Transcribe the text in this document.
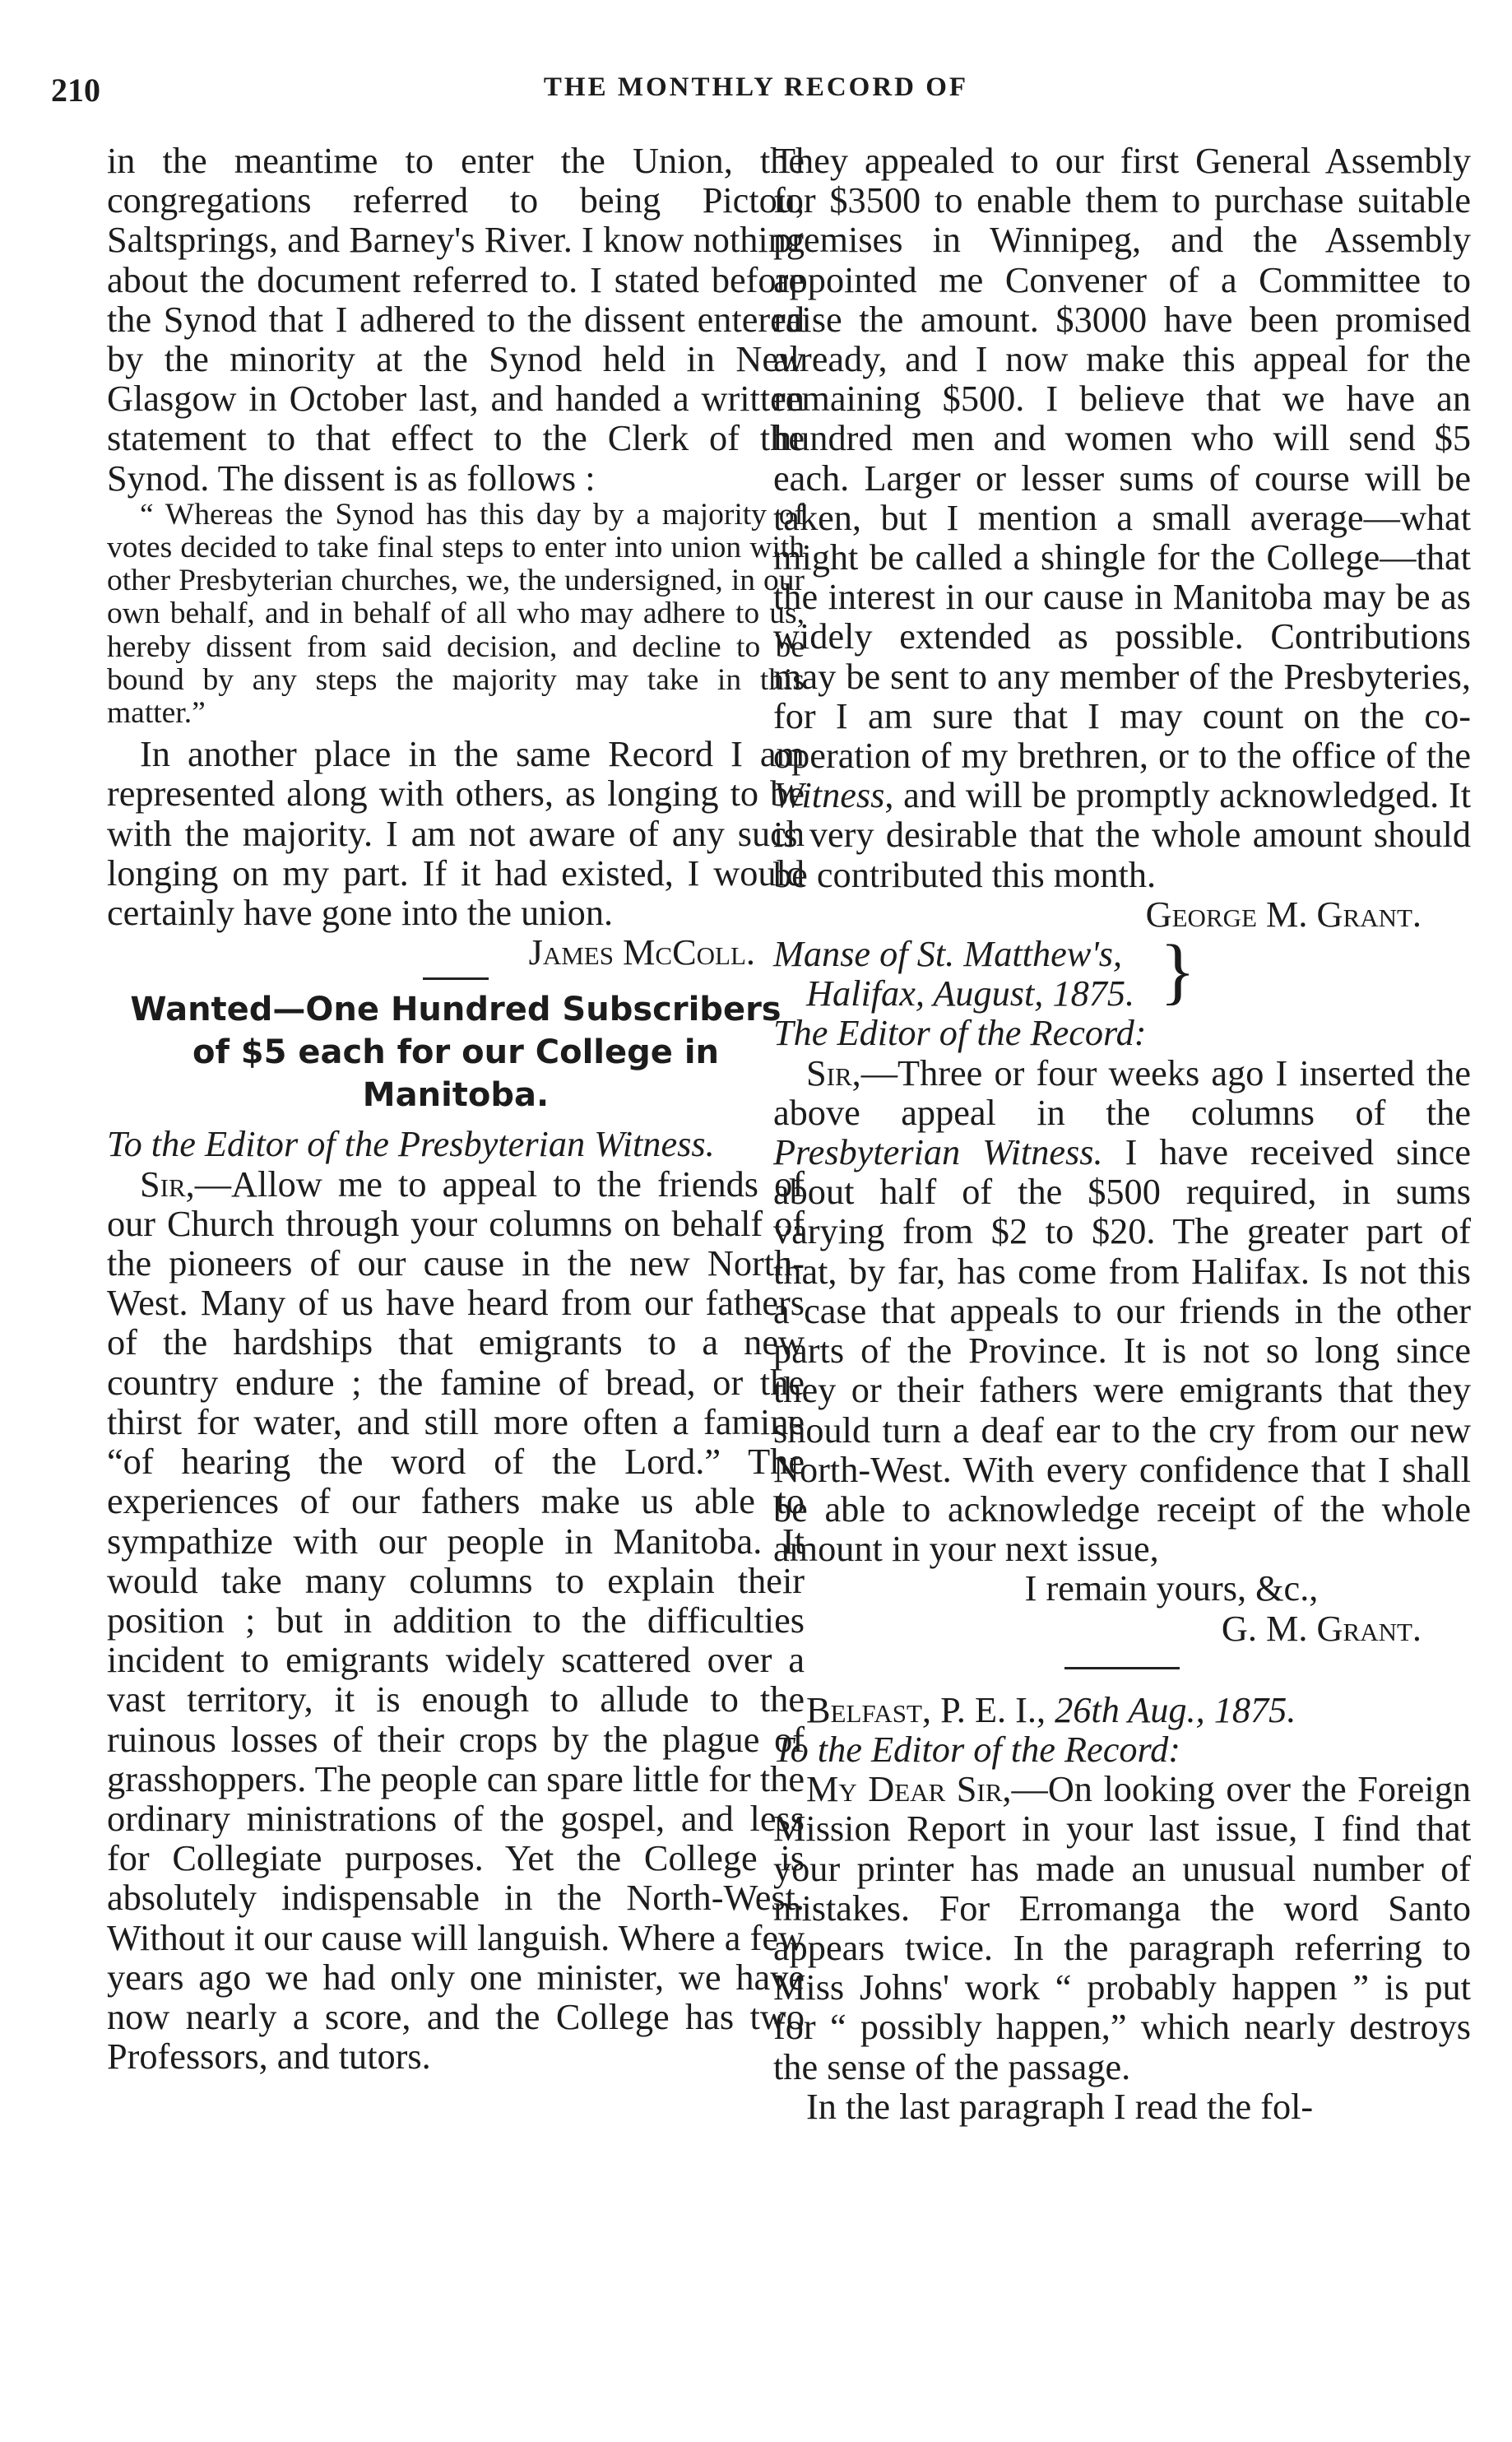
210	THE MONTHLY RECORD OF

in the meantime to enter the Union, the congregations referred to being Pictou, Saltsprings, and Barney's River. I know nothing about the document referred to. I stated before the Synod that I adhered to the dissent entered by the minority at the Synod held in New Glasgow in October last, and handed a written statement to that effect to the Clerk of the Synod. The dissent is as follows :

“ Whereas the Synod has this day by a majority of votes decided to take final steps to enter into union with other Presbyterian churches, we, the undersigned, in our own behalf, and in behalf of all who may adhere to us, hereby dissent from said decision, and decline to be bound by any steps the majority may take in this matter.”

In another place in the same Record I am represented along with others, as longing to be with the majority. I am not aware of any such longing on my part. If it had existed, I would certainly have gone into the union.

James McColl.
Wanted—One Hundred Subscribers of $5 each for our College in Manitoba.

To the Editor of the Presbyterian Witness.

Sir,—Allow me to appeal to the friends of our Church through your columns on behalf of the pioneers of our cause in the new North-West. Many of us have heard from our fathers of the hardships that emigrants to a new country endure ; the famine of bread, or the thirst for water, and still more often a famine “of hearing the word of the Lord.” The experiences of our fathers make us able to sympathize with our people in Manitoba. It would take many columns to explain their position ; but in addition to the difficulties incident to emigrants widely scattered over a vast territory, it is enough to allude to the ruinous losses of their crops by the plague of grasshoppers. The people can spare little for the ordinary ministrations of the gospel, and less for Collegiate purposes. Yet the College is absolutely indispensable in the North-West. Without it our cause will languish. Where a few years ago we had only one minister, we have now nearly a score, and the College has two Professors, and tutors.

They appealed to our first General Assembly for $3500 to enable them to purchase suitable premises in Winnipeg, and the Assembly appointed me Convener of a Committee to raise the amount. $3000 have been promised already, and I now make this appeal for the remaining $500. I believe that we have an hundred men and women who will send $5 each. Larger or lesser sums of course will be taken, but I mention a small average—what might be called a shingle for the College—that the interest in our cause in Manitoba may be as widely extended as possible. Contributions may be sent to any member of the Presbyteries, for I am sure that I may count on the co-operation of my brethren, or to the office of the Witness, and will be promptly acknowledged. It is very desirable that the whole amount should be contributed this month.

George M. Grant.
Manse of St. Matthew's,
Halifax, August, 1875. }

The Editor of the Record:

Sir,—Three or four weeks ago I inserted the above appeal in the columns of the Presbyterian Witness. I have received since about half of the $500 required, in sums varying from $2 to $20. The greater part of that, by far, has come from Halifax. Is not this a case that appeals to our friends in the other parts of the Province. It is not so long since they or their fathers were emigrants that they should turn a deaf ear to the cry from our new North-West. With every confidence that I shall be able to acknowledge receipt of the whole amount in your next issue,

I remain yours, &c.,
G. M. Grant.

Belfast, P. E. I., 26th Aug., 1875.

To the Editor of the Record:

My Dear Sir,—On looking over the Foreign Mission Report in your last issue, I find that your printer has made an unusual number of mistakes. For Erromanga the word Santo appears twice. In the paragraph referring to Miss Johns' work “ probably happen ” is put for “ possibly happen,” which nearly destroys the sense of the passage.

In the last paragraph I read the fol-
